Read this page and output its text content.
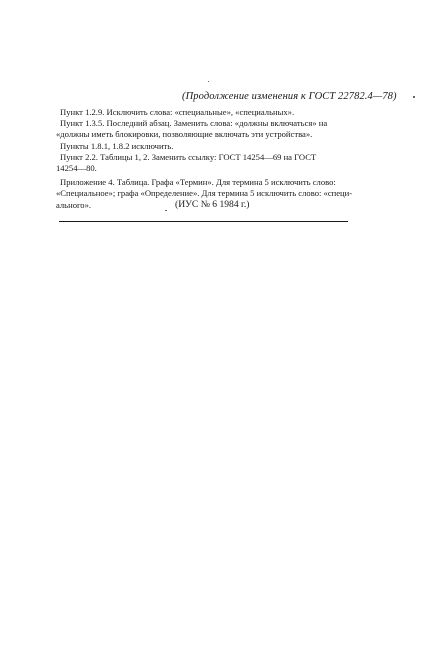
(Продолжение изменения к ГОСТ 22782.4—78)

Пункт 1.2.9. Исключить слова: «специальные», «специальных».

Пункт 1.3.5. Последний абзац. Заменить слова: «должны включаться» на

«должны иметь блокировки, позволяющие включать эти устройства».

Пункты 1.8.1, 1.8.2 исключить.

Пункт 2.2. Таблицы 1, 2. Заменить ссылку: ГОСТ 14254—69 на ГОСТ

14254—80.

Приложение 4. Таблица. Графа «Термин». Для термина 5 исключить слово:

«Специальное»; графа «Определение». Для термина 5 исключить слово: «специ-

ального».	(ИУС № 6 1984 г.)
